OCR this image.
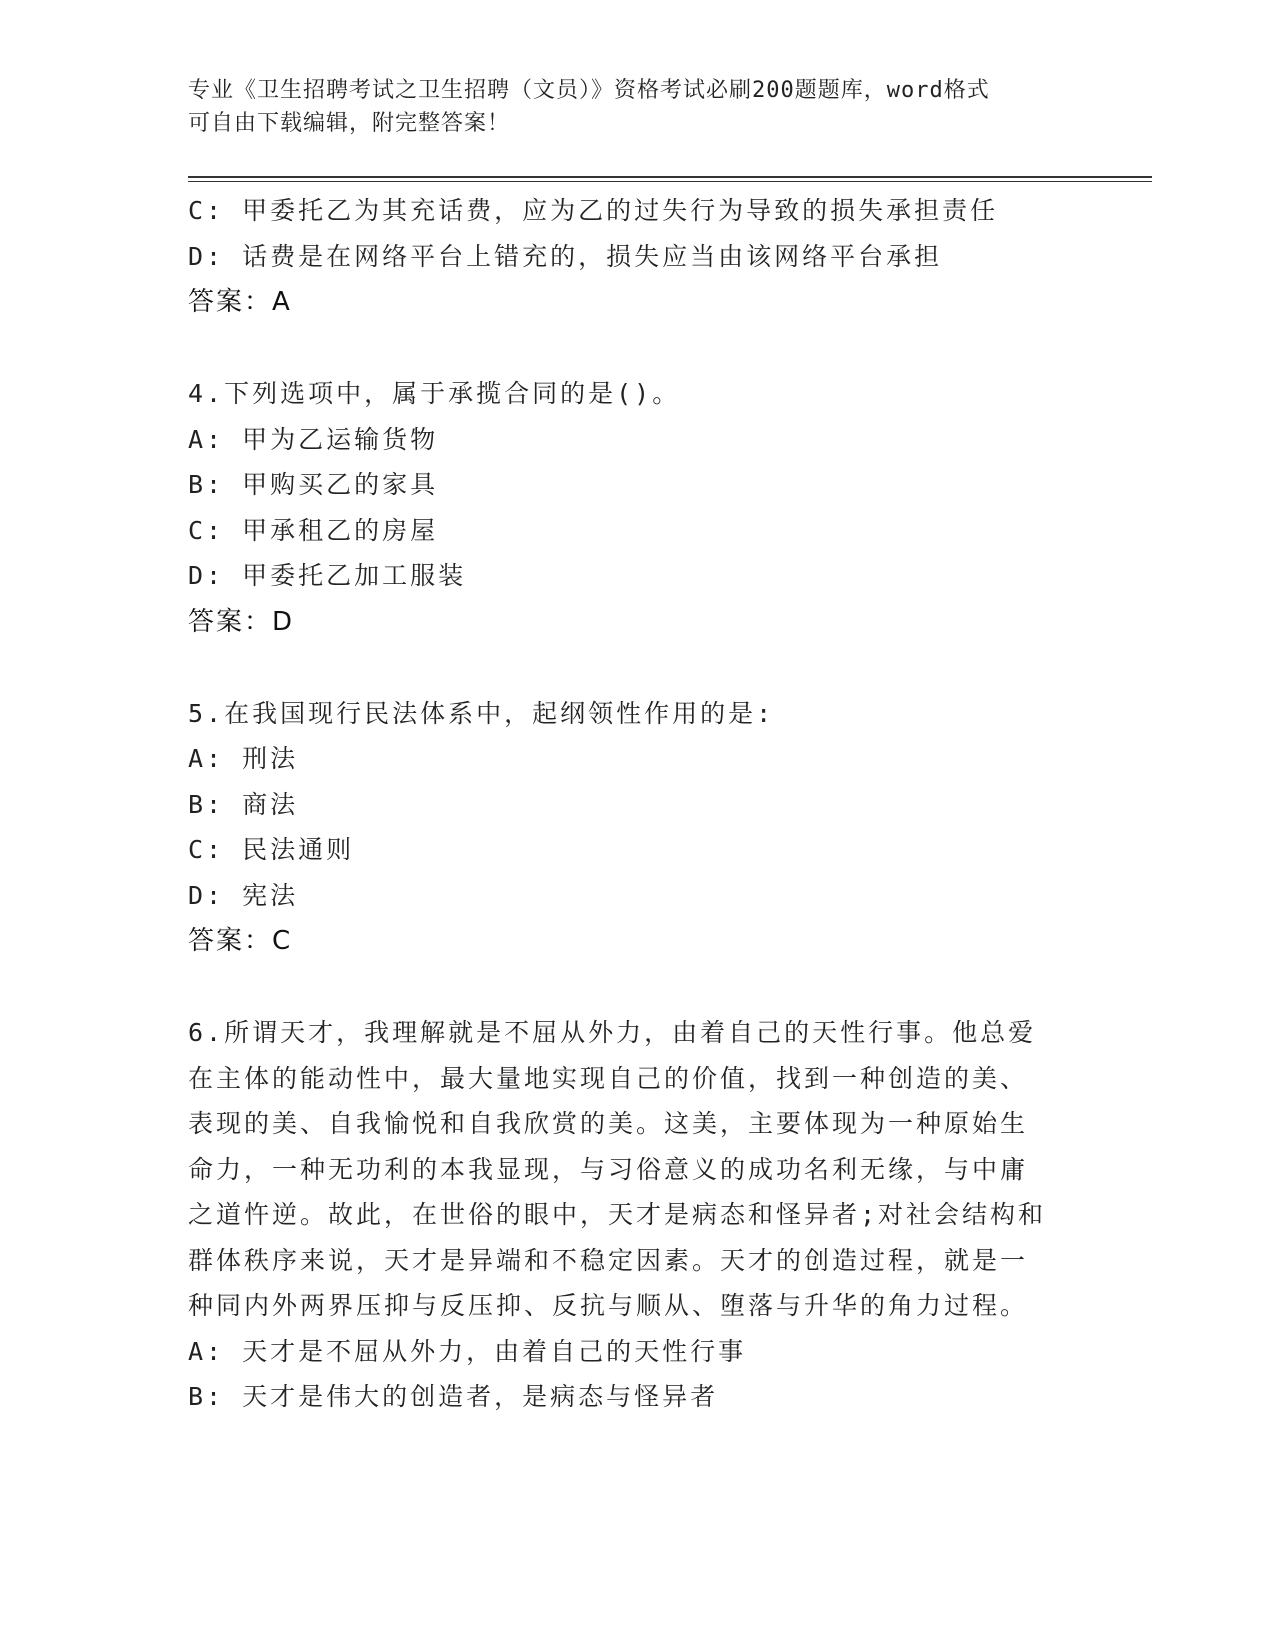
专业《卫生招聘考试之卫生招聘（文员）》资格考试必刷200题题库，word格式
可自由下载编辑，附完整答案！
C: 甲委托乙为其充话费，应为乙的过失行为导致的损失承担责任
D: 话费是在网络平台上错充的，损失应当由该网络平台承担
答案：A
4.下列选项中，属于承揽合同的是()。
A: 甲为乙运输货物
B: 甲购买乙的家具
C: 甲承租乙的房屋
D: 甲委托乙加工服装
答案：D
5.在我国现行民法体系中，起纲领性作用的是:
A: 刑法
B: 商法
C: 民法通则
D: 宪法
答案：C
6.所谓天才，我理解就是不屈从外力，由着自己的天性行事。他总爱
在主体的能动性中，最大量地实现自己的价值，找到一种创造的美、
表现的美、自我愉悦和自我欣赏的美。这美，主要体现为一种原始生
命力，一种无功利的本我显现，与习俗意义的成功名利无缘，与中庸
之道忤逆。故此，在世俗的眼中，天才是病态和怪异者;对社会结构和
群体秩序来说，天才是异端和不稳定因素。天才的创造过程，就是一
种同内外两界压抑与反压抑、反抗与顺从、堕落与升华的角力过程。
A: 天才是不屈从外力，由着自己的天性行事
B: 天才是伟大的创造者，是病态与怪异者
